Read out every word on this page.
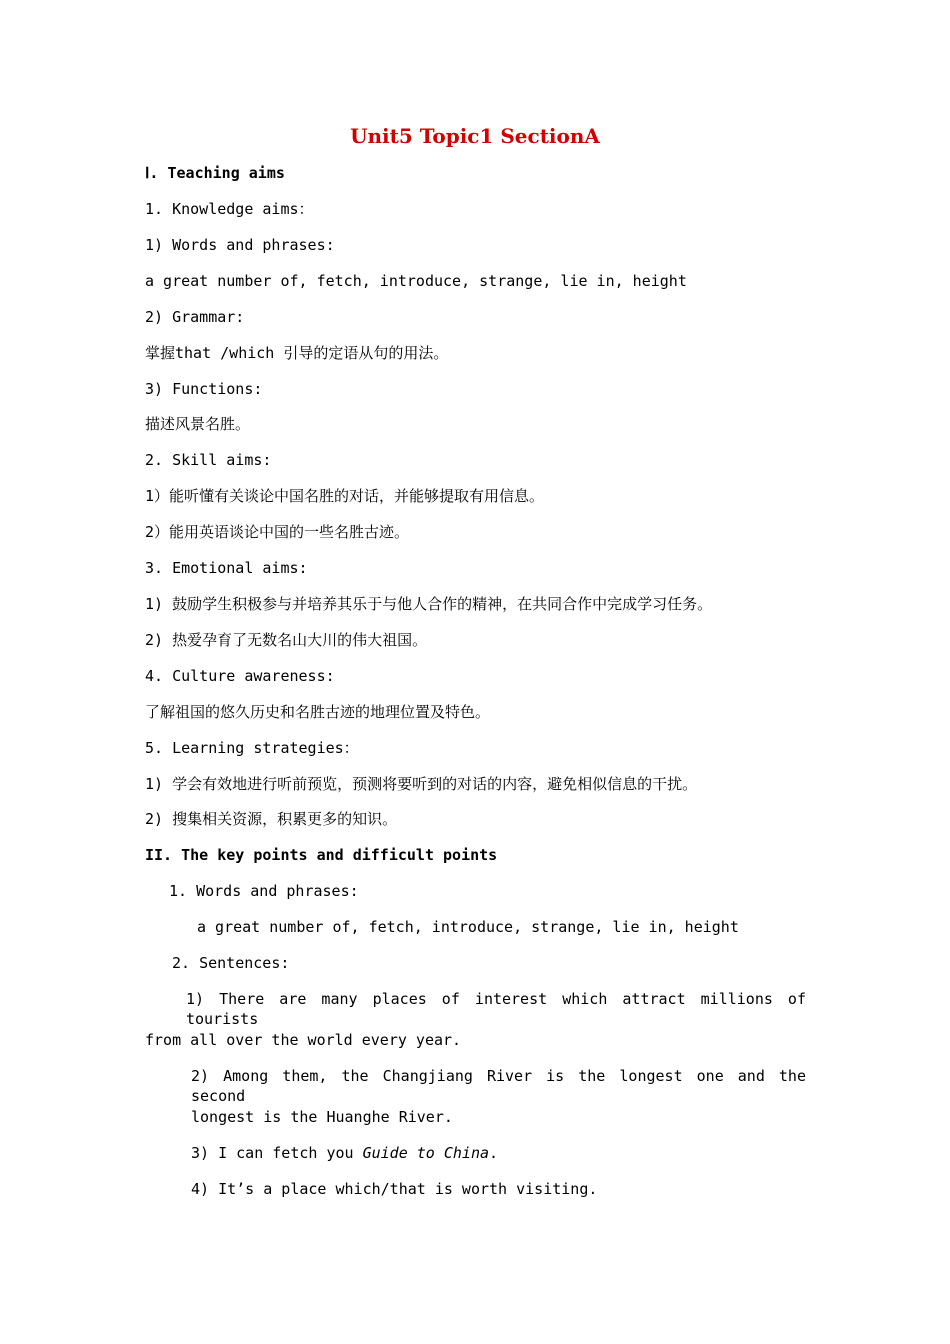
Unit5 Topic1 SectionA
Ⅰ. Teaching aims
1. Knowledge aims：
1) Words and phrases:
a great number of, fetch, introduce, strange, lie in, height
2) Grammar:
掌握that /which 引导的定语从句的用法。
3) Functions:
描述风景名胜。
2. Skill aims:
1）能听懂有关谈论中国名胜的对话，并能够提取有用信息。
2）能用英语谈论中国的一些名胜古迹。
3. Emotional aims:
1) 鼓励学生积极参与并培养其乐于与他人合作的精神，在共同合作中完成学习任务。
2) 热爱孕育了无数名山大川的伟大祖国。
4. Culture awareness:
了解祖国的悠久历史和名胜古迹的地理位置及特色。
5. Learning strategies：
1) 学会有效地进行听前预览，预测将要听到的对话的内容，避免相似信息的干扰。
2) 搜集相关资源，积累更多的知识。
II. The key points and difficult points
1. Words and phrases:
a great number of, fetch, introduce, strange, lie in, height
2. Sentences:
1) There are many places of interest which attract millions of tourists
from all over the world every year.
2) Among them, the Changjiang River is the longest one and the second
longest is the Huanghe River.
3) I can fetch you Guide to China.
4) It’s a place which/that is worth visiting.
